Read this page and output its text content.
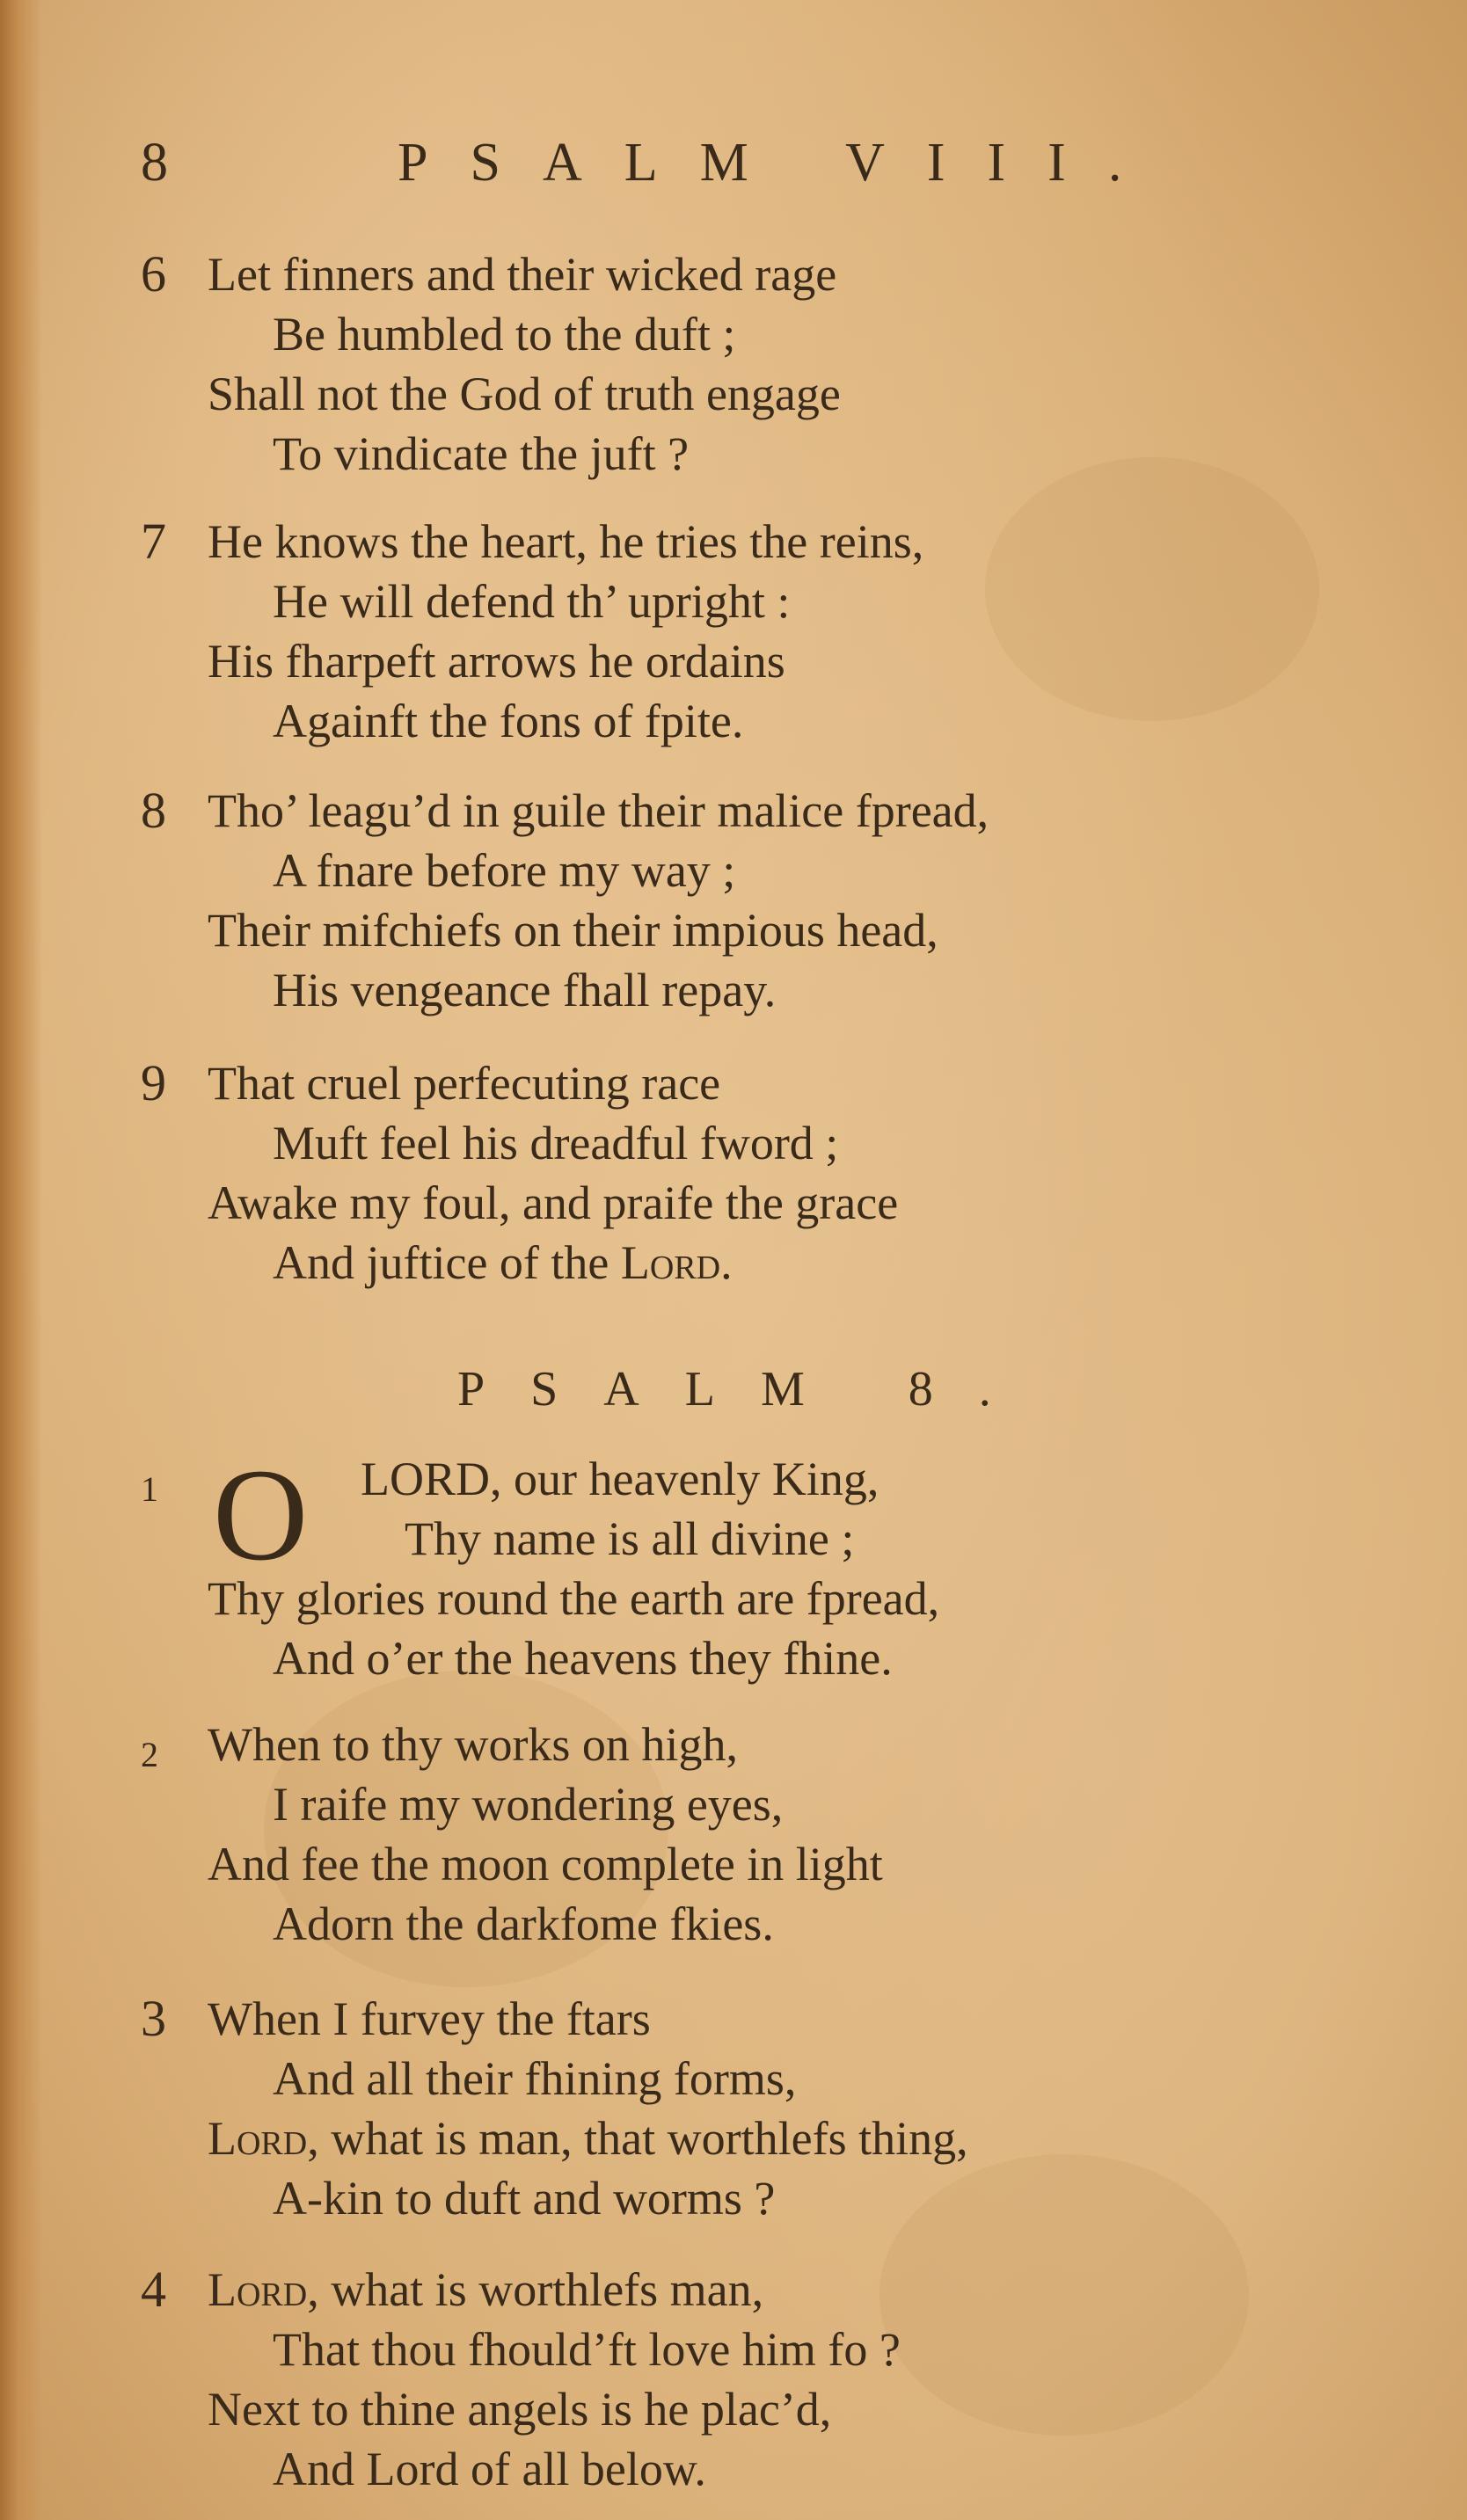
8	PSALM VIII.
6 Let finners and their wicked rage
Be humbled to the duft ;
Shall not the God of truth engage
To vindicate the juft ?
7 He knows the heart, he tries the reins,
He will defend th’ upright :
His fharpeft arrows he ordains
Againft the fons of fpite.
8 Tho’ leagu’d in guile their malice fpread,
A fnare before my way ;
Their mifchiefs on their impious head,
His vengeance fhall repay.
9 That cruel perfecuting race
Muft feel his dreadful fword ;
Awake my foul, and praife the grace
And juftice of the Lord.
PSALM 8.
1 O LORD, our heavenly King,
Thy name is all divine ;
Thy glories round the earth are fpread,
And o’er the heavens they fhine.
2 When to thy works on high,
I raife my wondering eyes,
And fee the moon complete in light
Adorn the darkfome fkies.
3 When I furvey the ftars
And all their fhining forms,
Lord, what is man, that worthlefs thing,
A-kin to duft and worms ?
4 Lord, what is worthlefs man,
That thou fhould’ft love him fo ?
Next to thine angels is he plac’d,
And Lord of all below.
